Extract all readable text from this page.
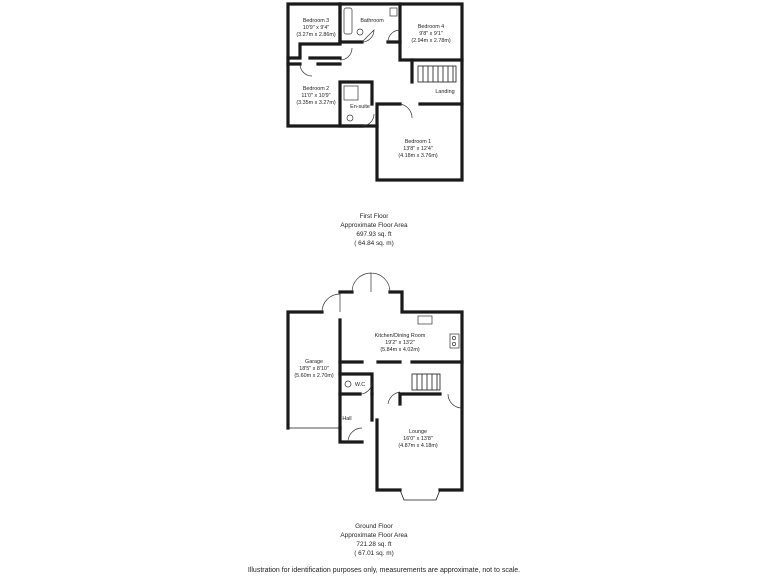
Bedroom 3
10'9" x 9'4"
(3.27m x 2.86m)
Bathroom
Bedroom 4
9'8" x 9'1"
(2.94m x 2.78m)
Bedroom 2
11'0" x 10'9"
(3.35m x 3.27m)
En-suite
Landing
Bedroom 1
13'8" x 12'4"
(4.18m x 3.76m)
First Floor
Approximate Floor Area
697.93 sq. ft
( 64.84 sq. m)
Kitchen/Dining Room
19'2" x 13'2"
(5.84m x 4.02m)
Garage
18'5" x 8'10"
(5.60m x 2.70m)
W.C
Hall
Lounge
16'0" x 13'8"
(4.87m x 4.18m)
Ground Floor
Approximate Floor Area
721.28 sq. ft
( 67.01 sq. m)
Illustration for identification purposes only, measurements are approximate, not to scale.
